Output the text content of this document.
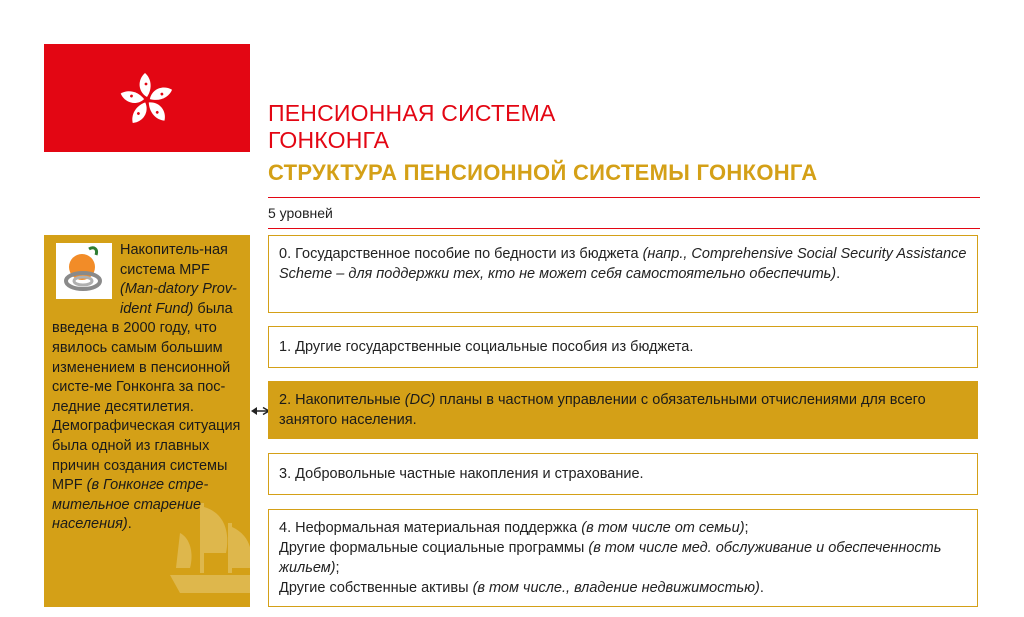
ПЕНСИОННАЯ СИСТЕМА
ГОНКОНГА
СТРУКТУРА ПЕНСИОННОЙ СИСТЕМЫ ГОНКОНГА
5 уровней
Накопитель-ная система MPF (Man-datory Prov-ident Fund) была введена в 2000 году, что явилось самым большим изменением в пенсионной систе-ме Гонконга за пос-ледние десятилетия. Демографическая ситуация была одной из главных причин создания системы MPF (в Гонконге стре-мительное старение населения).
0. Государственное пособие по бедности из бюджета (напр., Comprehensive Social Security Assistance Scheme – для поддержки тех, кто не может себя самостоятельно обеспечить).
1. Другие государственные социальные пособия из бюджета.
2. Накопительные (DC) планы в частном управлении с обязательными отчислениями для всего занятого населения.
3. Добровольные частные накопления и страхование.
4. Неформальная материальная поддержка (в том числе от семьи);
Другие формальные социальные программы (в том числе мед. обслуживание и обеспеченность жильем);
Другие собственные активы (в том числе., владение недвижимостью).
